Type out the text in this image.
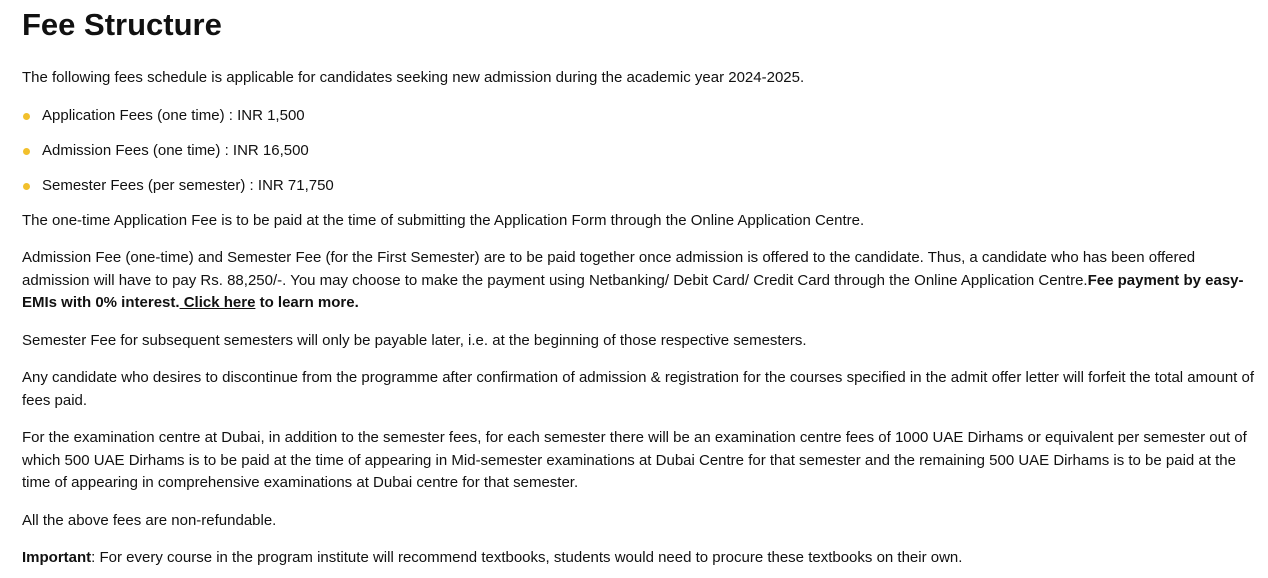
Fee Structure

The following fees schedule is applicable for candidates seeking new admission during the academic year 2024-2025.

Application Fees (one time) : INR 1,500
Admission Fees (one time) : INR 16,500
Semester Fees (per semester) : INR 71,750

The one-time Application Fee is to be paid at the time of submitting the Application Form through the Online Application Centre.

Admission Fee (one-time) and Semester Fee (for the First Semester) are to be paid together once admission is offered to the candidate. Thus, a candidate who has been offered admission will have to pay Rs. 88,250/-. You may choose to make the payment using Netbanking/ Debit Card/ Credit Card through the Online Application Centre.Fee payment by easy-EMIs with 0% interest. Click here to learn more.

Semester Fee for subsequent semesters will only be payable later, i.e. at the beginning of those respective semesters.

Any candidate who desires to discontinue from the programme after confirmation of admission & registration for the courses specified in the admit offer letter will forfeit the total amount of fees paid.

For the examination centre at Dubai, in addition to the semester fees, for each semester there will be an examination centre fees of 1000 UAE Dirhams or equivalent per semester out of which 500 UAE Dirhams is to be paid at the time of appearing in Mid-semester examinations at Dubai Centre for that semester and the remaining 500 UAE Dirhams is to be paid at the time of appearing in comprehensive examinations at Dubai centre for that semester.

All the above fees are non-refundable.

Important: For every course in the program institute will recommend textbooks, students would need to procure these textbooks on their own.
